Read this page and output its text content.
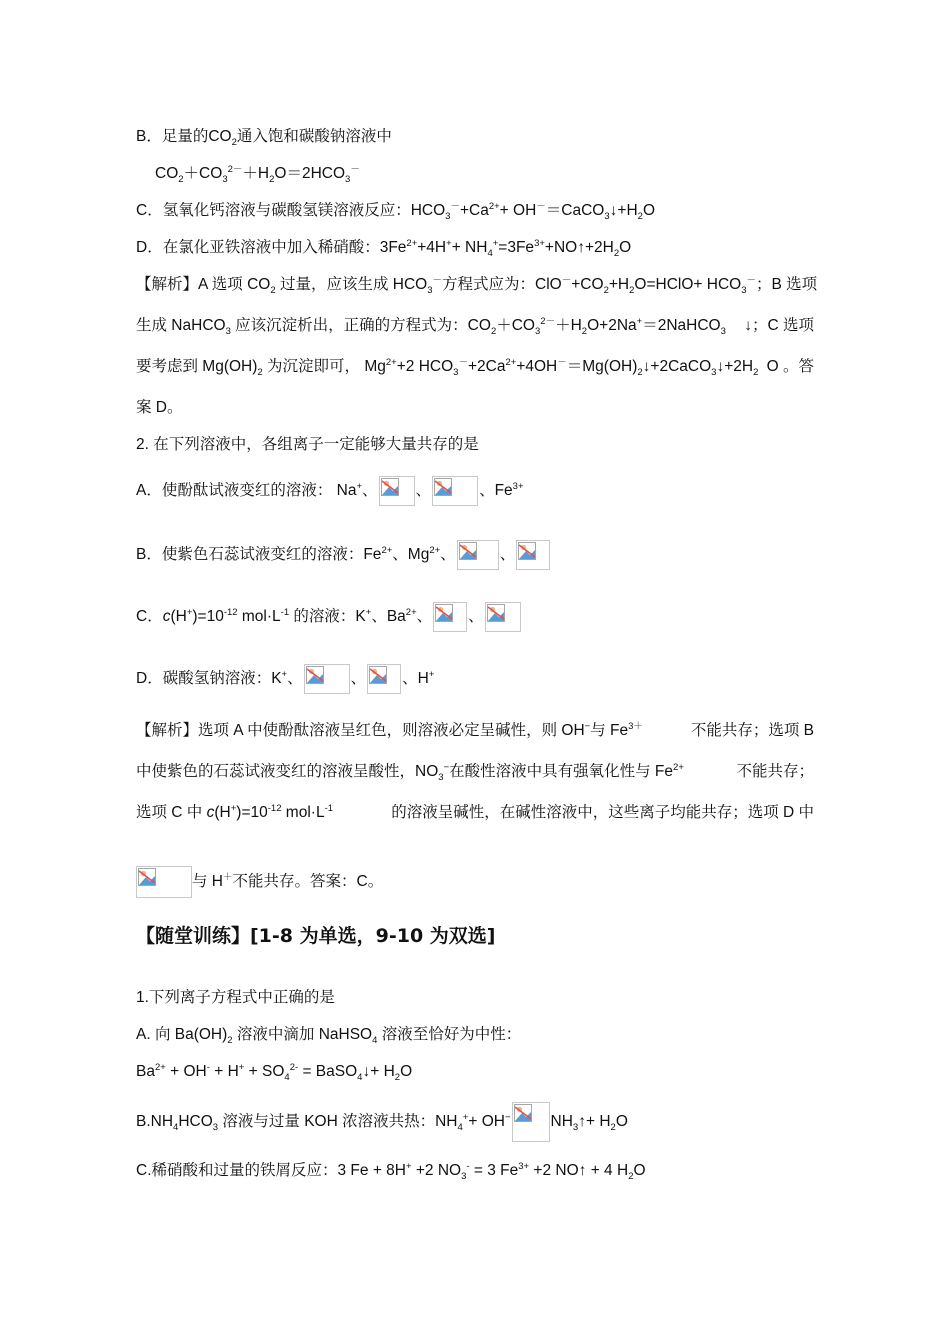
B．足量的$CO_2$通入饱和碳酸钠溶液中
$CO_2+CO_3^{2-}+H_2O=2HCO_3^-$
C．氢氧化钙溶液与碳酸氢镁溶液反应：$HCO_3^-+Ca^{2+}+$ $OH^-=CaCO_3↓+H_2O$
D．在氯化亚铁溶液中加入稀硝酸：$3Fe^{2+}+4H^++$ $NH_4^+=3Fe^{3+}+NO↑+2H_2O$
【解析】A 选项 $CO_2$ 过量，应该生成 $HCO_3^-$方程式应为：$ClO^-+CO_2+H_2O=HClO+ HCO_3^-$ ；B 选项
生成 NaHCO$_3$ 应该沉淀析出，正确的方程式为：$CO_2+CO_3^{2-}+H_2O+2Na^+=2NaHCO_3$ ↓；C 选项
要考虑到 $Mg(OH)_2$ 为沉淀即可， $Mg^{2+}+2$ $HCO_3^-+2Ca^{2+}+4OH^-=Mg(OH)_2↓+2CaCO_3↓+2H_2$ O 。答
案 D。
2. 在下列溶液中，各组离子一定能够大量共存的是
A．使酚酞试液变红的溶液： Na+、 、	、$Fe^{3+}$
B．使紫色石蕊试液变红的溶液：$Fe^{2+}$、$Mg^{2+}$、	、
C．$c(H^+)=10^{-12}$ $mol\cdot L^{-1}$ 的溶液：K+、$Ba^{2+}$、 、
D．碳酸氢钠溶液：K+、	、 、H+
【解析】选项 A 中使酚酞溶液呈红色，则溶液必定呈碱性，则 OH−与 $Fe^{3+}$	不能共存；选项 B
中使紫色的石蕊试液变红的溶液呈酸性，$NO_3^-$在酸性溶液中具有强氧化性与 $Fe^{2+}$	不能共存；
选项 C 中 $c(H^+)=10^{-12}$ $mol\cdot L^{-1}$	的溶液呈碱性，在碱性溶液中，这些离子均能共存；选项 D 中
与 H＋不能共存。答案：C。
【随堂训练】[1-8 为单选，9-10 为双选]
1.下列离子方程式中正确的是
A. 向 $Ba(OH)_2$ 溶液中滴加 NaHSO$_4$ 溶液至恰好为中性：
$Ba^{2+} + OH^- + H^+ + SO_4^{2-}$ = BaSO$_4$↓+ $H_2O$
$B.NH_4HCO_3$ 溶液与过量 KOH 浓溶液共热：$NH_4^++ OH^-$	$NH_3↑+ H_2O$
C.稀硝酸和过量的铁屑反应：3 Fe + 8H+ +2 $NO_3^- = 3$ $Fe^{3+} +2$ NO↑ + 4 $H_2O$
